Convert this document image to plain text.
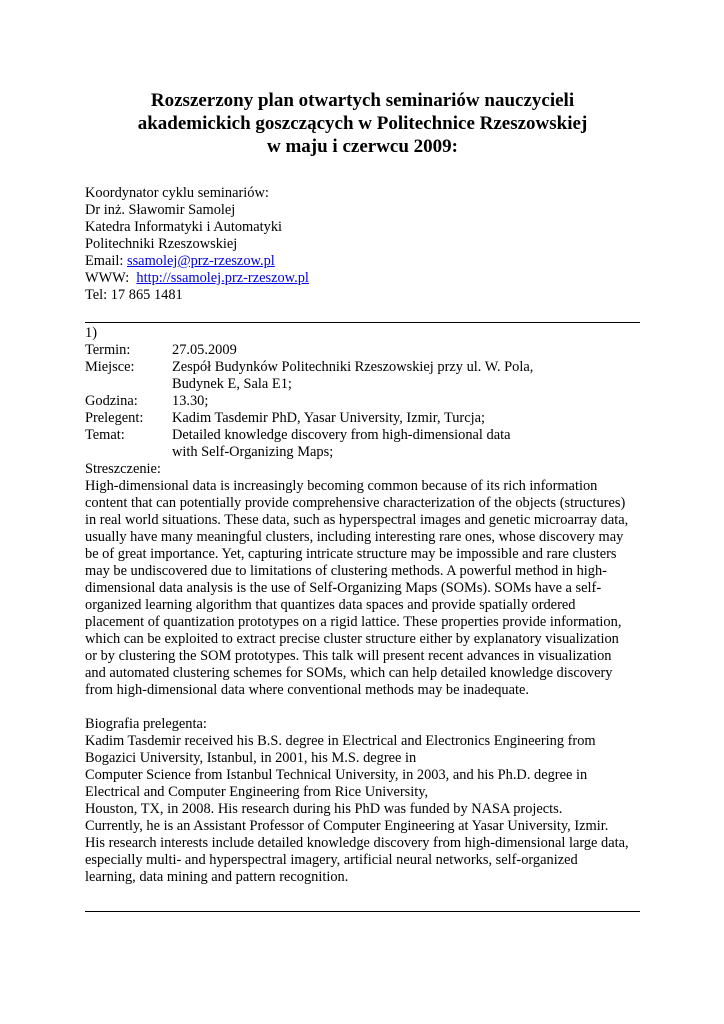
Rozszerzony plan otwartych seminariów nauczycieli
akademickich goszczących w Politechnice Rzeszowskiej
w maju i czerwcu 2009:
Koordynator cyklu seminariów:
Dr inż. Sławomir Samolej
Katedra Informatyki i Automatyki
Politechniki Rzeszowskiej
Email: ssamolej@prz-rzeszow.pl
WWW: http://ssamolej.prz-rzeszow.pl
Tel: 17 865 1481
1)
Termin:	27.05.2009
Miejsce:	Zespół Budynków Politechniki Rzeszowskiej przy ul. W. Pola,
Budynek E, Sala E1;
Godzina:	13.30;
Prelegent:	Kadim Tasdemir PhD, Yasar University, Izmir, Turcja;
Temat:	Detailed knowledge discovery from high-dimensional data
with Self-Organizing Maps;
Streszczenie:
High-dimensional data is increasingly becoming common because of its rich information
content that can potentially provide comprehensive characterization of the objects (structures)
in real world situations. These data, such as hyperspectral images and genetic microarray data,
usually have many meaningful clusters, including interesting rare ones, whose discovery may
be of great importance. Yet, capturing intricate structure may be impossible and rare clusters
may be undiscovered due to limitations of clustering methods. A powerful method in high-
dimensional data analysis is the use of Self-Organizing Maps (SOMs). SOMs have a self-
organized learning algorithm that quantizes data spaces and provide spatially ordered
placement of quantization prototypes on a rigid lattice. These properties provide information,
which can be exploited to extract precise cluster structure either by explanatory visualization
or by clustering the SOM prototypes. This talk will present recent advances in visualization
and automated clustering schemes for SOMs, which can help detailed knowledge discovery
from high-dimensional data where conventional methods may be inadequate.
Biografia prelegenta:
Kadim Tasdemir received his B.S. degree in Electrical and Electronics Engineering from
Bogazici University, Istanbul, in 2001, his M.S. degree in
Computer Science from Istanbul Technical University, in 2003, and his Ph.D. degree in
Electrical and Computer Engineering from Rice University,
Houston, TX, in 2008. His research during his PhD was funded by NASA projects.
Currently, he is an Assistant Professor of Computer Engineering at Yasar University, Izmir.
His research interests include detailed knowledge discovery from high-dimensional large data,
especially multi- and hyperspectral imagery, artificial neural networks, self-organized
learning, data mining and pattern recognition.
